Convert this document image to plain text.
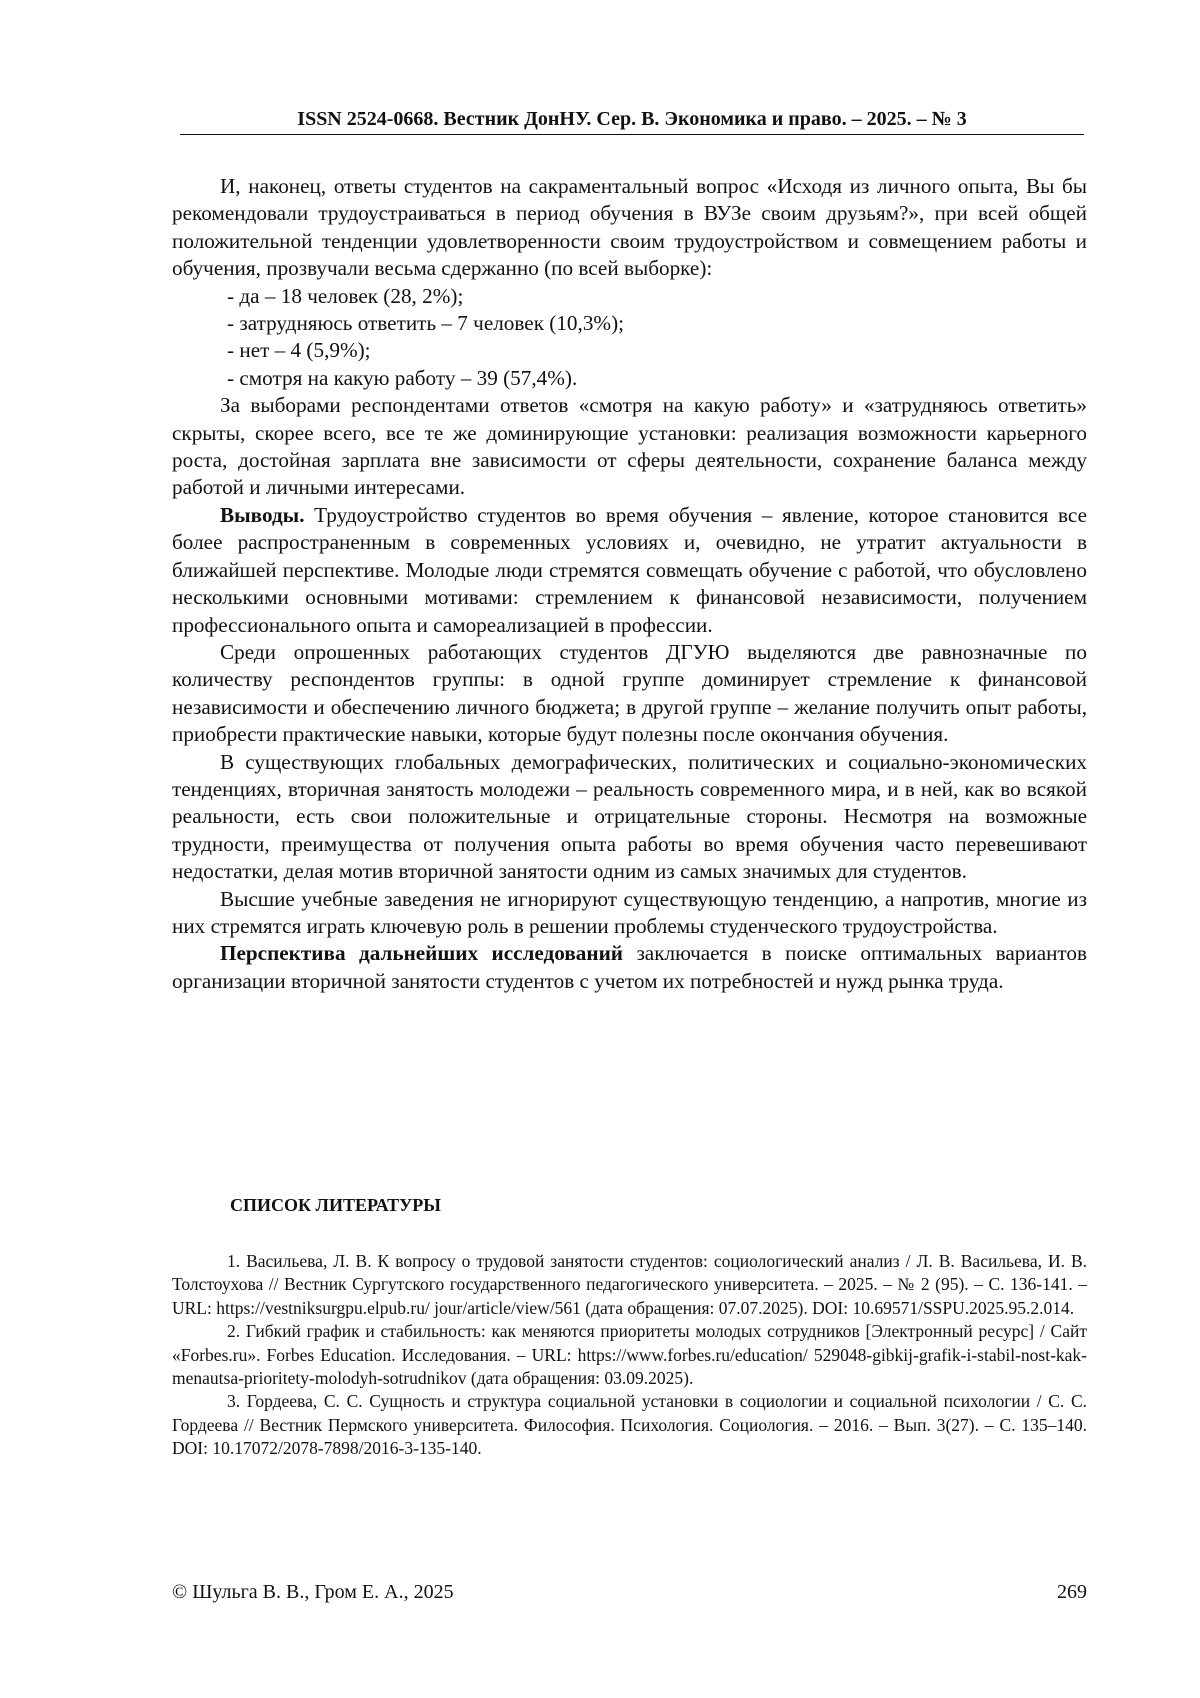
ISSN 2524-0668. Вестник ДонНУ. Сер. В. Экономика и право. – 2025. – № 3

И, наконец, ответы студентов на сакраментальный вопрос «Исходя из личного опыта, Вы бы рекомендовали трудоустраиваться в период обучения в ВУЗе своим друзьям?», при всей общей положительной тенденции удовлетворенности своим трудоустройством и совмещением работы и обучения, прозвучали весьма сдержанно (по всей выборке):

- да – 18 человек (28, 2%);

- затрудняюсь ответить – 7 человек (10,3%);

- нет – 4 (5,9%);

- смотря на какую работу – 39 (57,4%).

За выборами респондентами ответов «смотря на какую работу» и «затрудняюсь ответить» скрыты, скорее всего, все те же доминирующие установки: реализация возможности карьерного роста, достойная зарплата вне зависимости от сферы деятельности, сохранение баланса между работой и личными интересами.

Выводы. Трудоустройство студентов во время обучения – явление, которое становится все более распространенным в современных условиях и, очевидно, не утратит актуальности в ближайшей перспективе. Молодые люди стремятся совмещать обучение с работой, что обусловлено несколькими основными мотивами: стремлением к финансовой независимости, получением профессионального опыта и самореализацией в профессии.

Среди опрошенных работающих студентов ДГУЮ выделяются две равнозначные по количеству респондентов группы: в одной группе доминирует стремление к финансовой независимости и обеспечению личного бюджета; в другой группе – желание получить опыт работы, приобрести практические навыки, которые будут полезны после окончания обучения.

В существующих глобальных демографических, политических и социально-экономических тенденциях, вторичная занятость молодежи – реальность современного мира, и в ней, как во всякой реальности, есть свои положительные и отрицательные стороны. Несмотря на возможные трудности, преимущества от получения опыта работы во время обучения часто перевешивают недостатки, делая мотив вторичной занятости одним из самых значимых для студентов.

Высшие учебные заведения не игнорируют существующую тенденцию, а напротив, многие из них стремятся играть ключевую роль в решении проблемы студенческого трудоустройства.

Перспектива дальнейших исследований заключается в поиске оптимальных вариантов организации вторичной занятости студентов с учетом их потребностей и нужд рынка труда.

СПИСОК ЛИТЕРАТУРЫ

1. Васильева, Л. В. К вопросу о трудовой занятости студентов: социологический анализ / Л. В. Васильева, И. В. Толстоухова // Вестник Сургутского государственного педагогического университета. – 2025. – № 2 (95). – С. 136-141. – URL: https://vestniksurgpu.elpub.ru/ jour/article/view/561 (дата обращения: 07.07.2025). DOI: 10.69571/SSPU.2025.95.2.014.

2. Гибкий график и стабильность: как меняются приоритеты молодых сотрудников [Электронный ресурс] / Сайт «Forbes.ru». Forbes Education. Исследования. – URL: https://www.forbes.ru/education/ 529048-gibkij-grafik-i-stabil-nost-kak-menautsa-prioritety-molodyh-sotrudnikov (дата обращения: 03.09.2025).

3. Гордеева, С. С. Сущность и структура социальной установки в социологии и социальной психологии / С. С. Гордеева // Вестник Пермского университета. Философия. Психология. Социология. – 2016. – Вып. 3(27). – С. 135–140. DOI: 10.17072/2078-7898/2016-3-135-140.

© Шульга В. В., Гром Е. А., 2025	269
